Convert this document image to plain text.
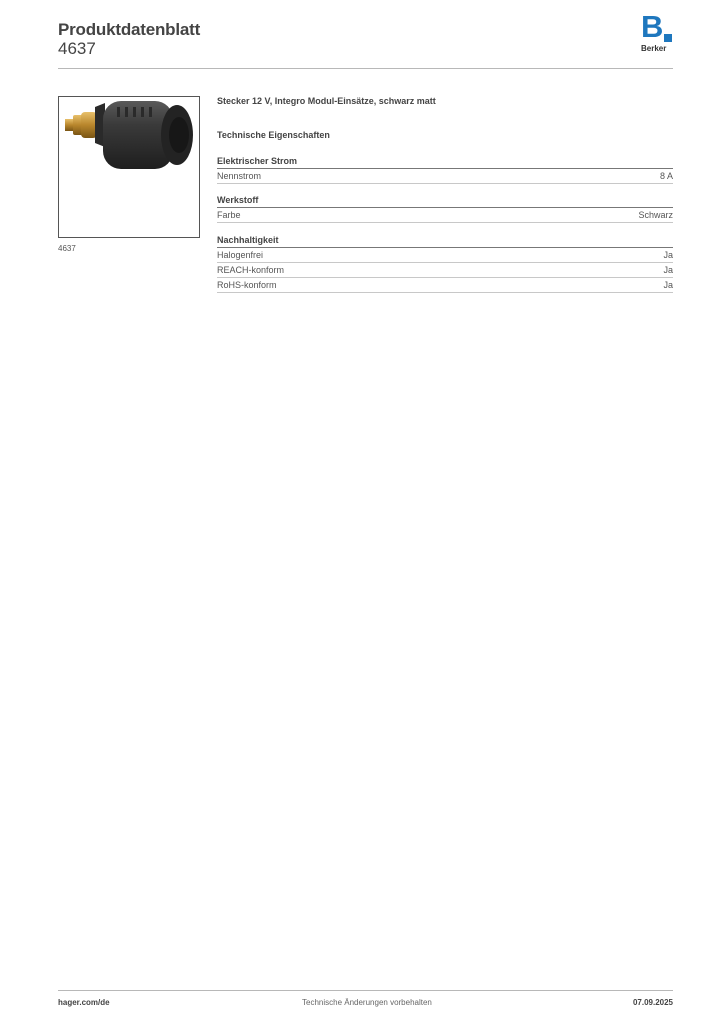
Produktdatenblatt
4637
B
Berker
4637
Stecker 12 V, Integro Modul-Einsätze, schwarz matt
Technische Eigenschaften
Elektrischer Strom
Nennstrom	8 A
Werkstoff
Farbe	Schwarz
Nachhaltigkeit
Halogenfrei	Ja
REACH-konform	Ja
RoHS-konform	Ja
hager.com/de	Technische Änderungen vorbehalten	07.09.2025
